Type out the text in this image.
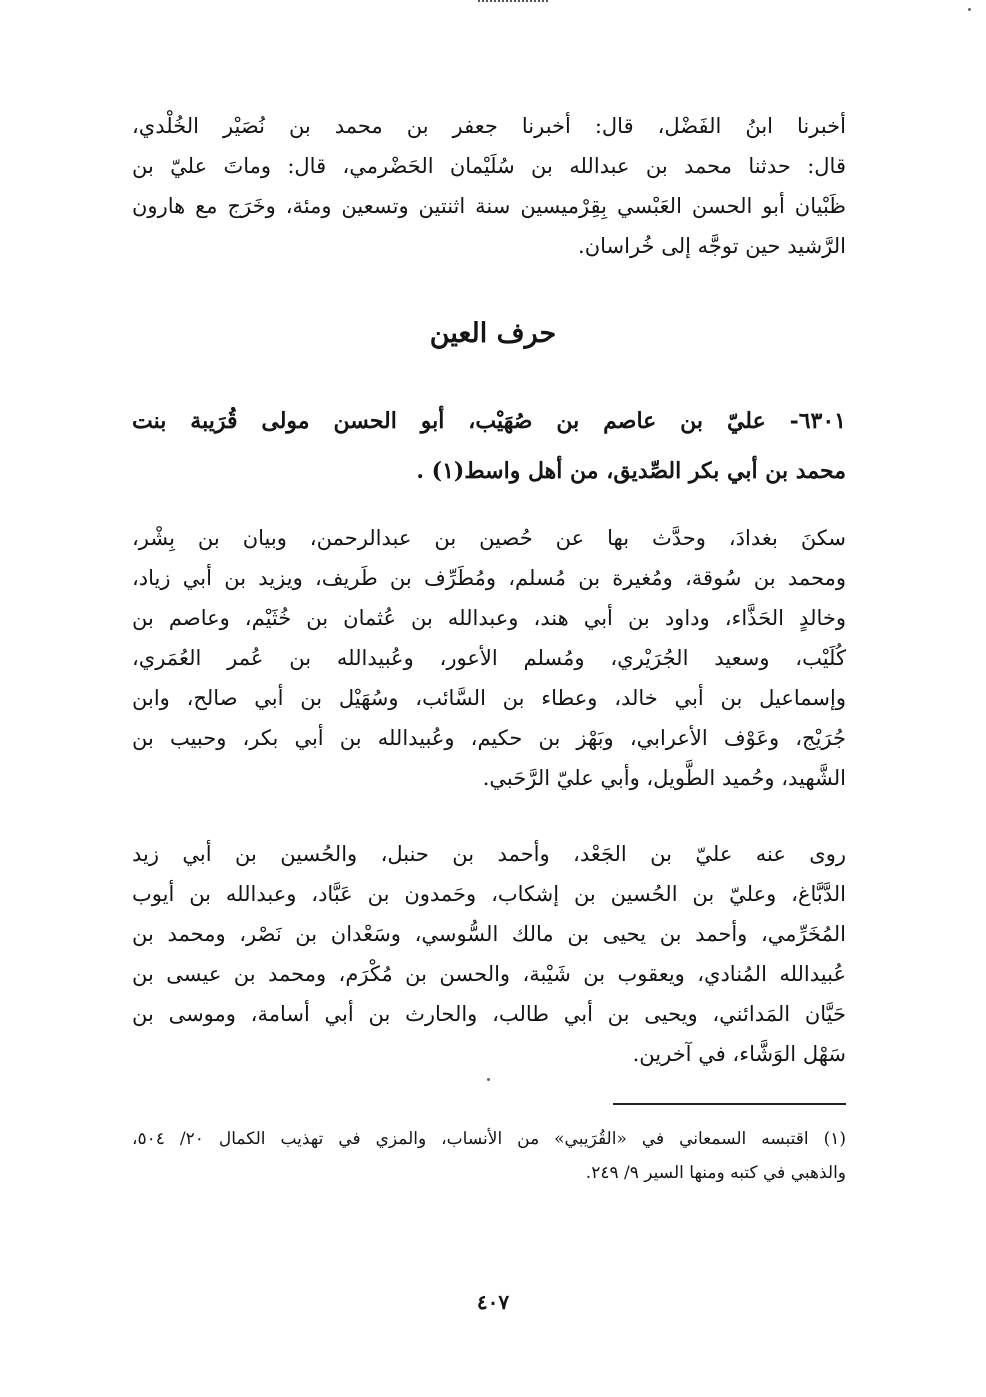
أخبرنا ابنُ الفَضْل، قال: أخبرنا جعفر بن محمد بن نُصَيْر الخُلْدي،
قال: حدثنا محمد بن عبدالله بن سُلَيْمان الحَضْرمي، قال: وماتَ عليّ بن
ظَبْيان أبو الحسن العَبْسي بِقِرْميسين سنة اثنتين وتسعين ومئة، وخَرَج مع هارون
الرَّشيد حين توجَّه إلى خُراسان.
حرف العين
٦٣٠١- عليّ بن عاصم بن صُهَيْب، أبو الحسن مولى قُرَيبة بنت
محمد بن أبي بكر الصِّديق، من أهل واسط(١) .
سكنَ بغدادَ، وحدَّث بها عن حُصين بن عبدالرحمن، وبيان بن بِشْر،
ومحمد بن سُوقة، ومُغيرة بن مُسلم، ومُطَرِّف بن طَريف، ويزيد بن أبي زياد،
وخالدٍ الحَذَّاء، وداود بن أبي هند، وعبدالله بن عُثمان بن خُثَيْم، وعاصم بن
كُلَيْب، وسعيد الجُرَيْري، ومُسلم الأعور، وعُبيدالله بن عُمر العُمَري،
وإسماعيل بن أبي خالد، وعطاء بن السَّائب، وسُهَيْل بن أبي صالح، وابن
جُرَيْج، وعَوْف الأعرابي، وبَهْز بن حكيم، وعُبيدالله بن أبي بكر، وحبيب بن
الشَّهيد، وحُميد الطَّويل، وأبي عليّ الرَّحَبي.
روى عنه عليّ بن الجَعْد، وأحمد بن حنبل، والحُسين بن أبي زيد
الدَّبَّاغ، وعليّ بن الحُسين بن إشكاب، وحَمدون بن عَبَّاد، وعبدالله بن أيوب
المُخَرِّمي، وأحمد بن يحيى بن مالك السُّوسي، وسَعْدان بن نَصْر، ومحمد بن
عُبيدالله المُنادي، ويعقوب بن شَيْبة، والحسن بن مُكْرَم، ومحمد بن عيسى بن
حَيَّان المَدائني، ويحيى بن أبي طالب، والحارث بن أبي أسامة، وموسى بن
سَهْل الوَشَّاء، في آخرين.
(١) اقتبسه السمعاني في «القُرَيبي» من الأنساب، والمزي في تهذيب الكمال ٢٠/ ٥٠٤،
والذهبي في كتبه ومنها السير ٩/ ٢٤٩.
٤٠٧
